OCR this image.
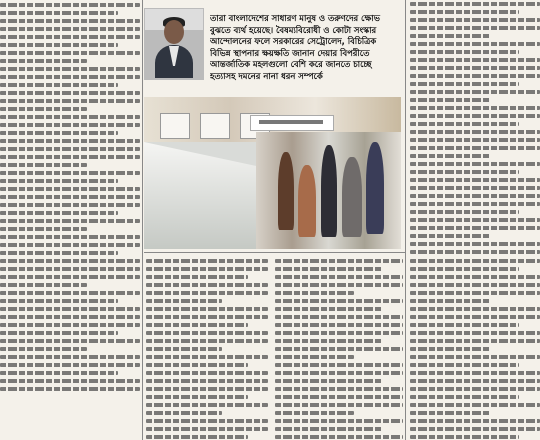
তারা বাংলাদেশের সাধারণ মানুষ ও তরুণদের ক্ষোভ
বুঝতে ব্যর্থ হয়েছে। বৈষম্যবিরোধী ও কোটা সংস্কার
আন্দোলনের ফলে সরকারের সেট্রোলেদ, বিচিত্রিক
বিভিন্ন স্থাপনার ক্ষয়ক্ষতি জানান দেয়ার বিপরীতে
আন্তর্জাতিক মহলগুলো বেশি করে জানতে চাচ্ছে
হত্যাসহ দমনের নানা ধরন সম্পর্কে
